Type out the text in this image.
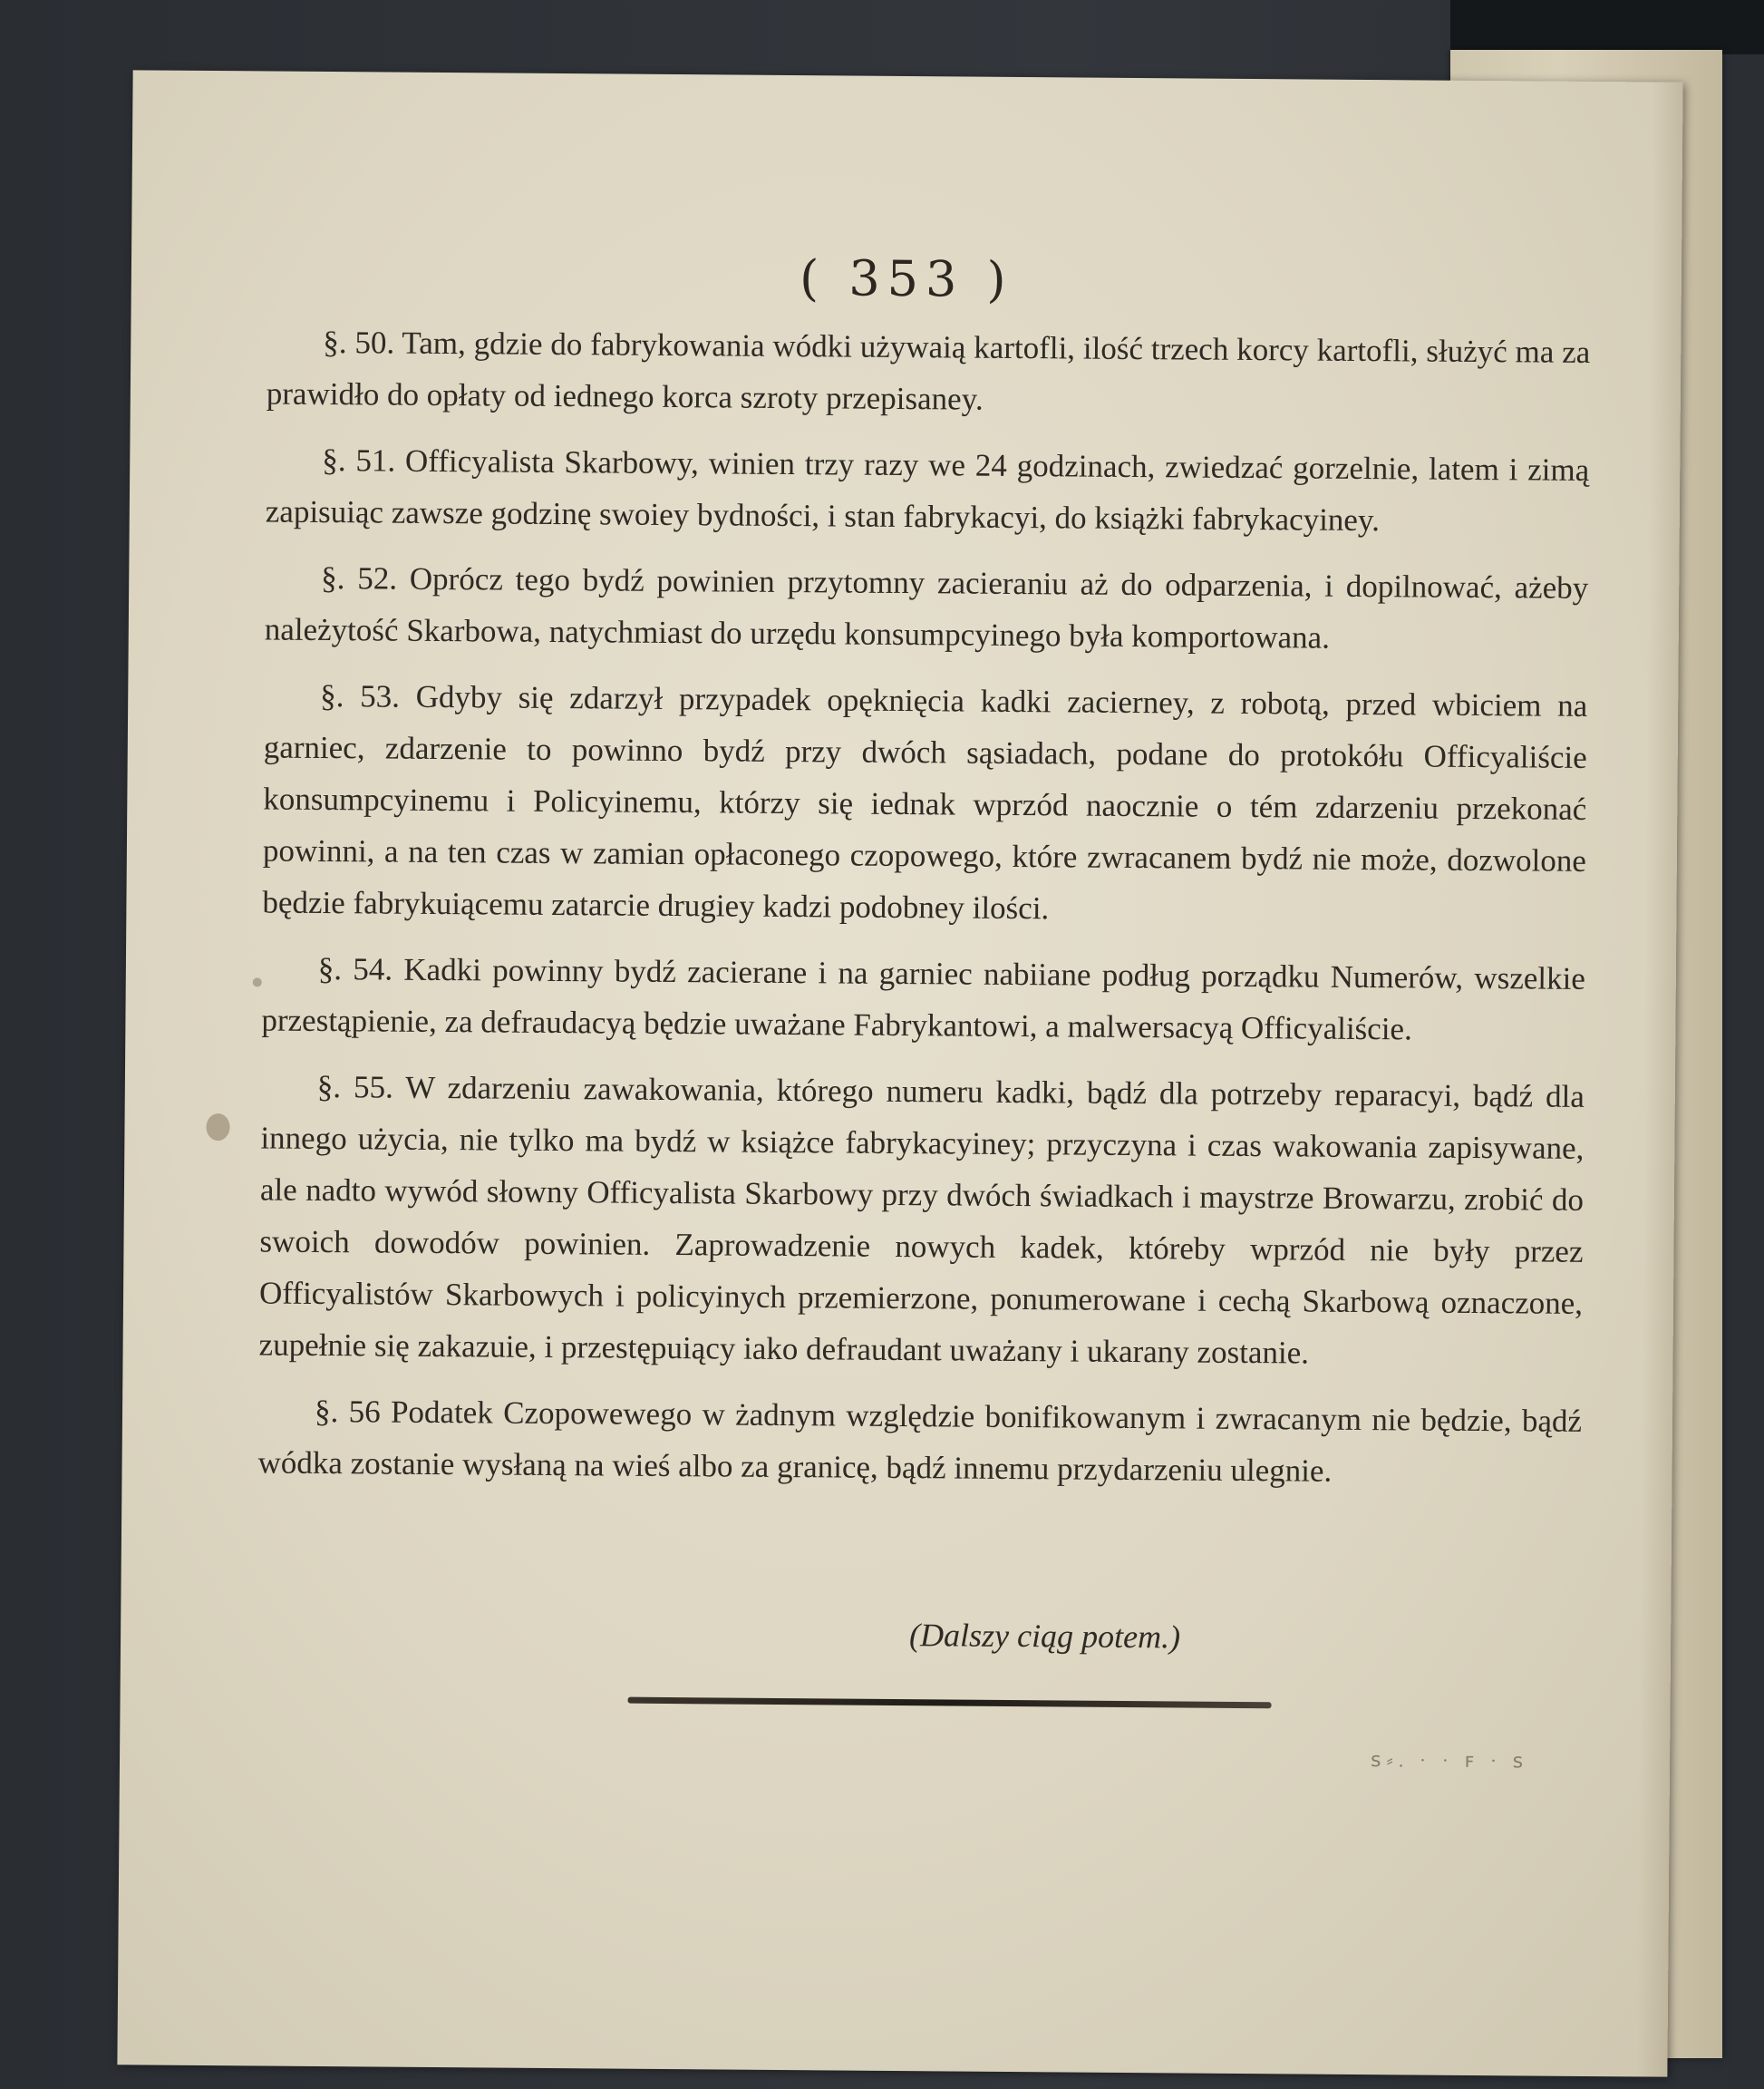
( 353 )

§. 50. Tam, gdzie do fabrykowania wódki używaią kartofli, ilość trzech korcy kartofli, służyć ma za prawidło do opłaty od iednego korca szroty przepisaney.

§. 51. Officyalista Skarbowy, winien trzy razy we 24 godzinach, zwiedzać gorzelnie, latem i zimą zapisuiąc zawsze godzinę swoiey bydności, i stan fabrykacyi, do książki fabrykacyiney.

§. 52. Oprócz tego bydź powinien przytomny zacieraniu aż do odparzenia, i dopilnować, ażeby należytość Skarbowa, natychmiast do urzędu konsumpcyinego była komportowana.

§. 53. Gdyby się zdarzył przypadek opęknięcia kadki zacierney, z robotą, przed wbiciem na garniec, zdarzenie to powinno bydź przy dwóch sąsiadach, podane do protokółu Officyaliście konsumpcyinemu i Policyinemu, którzy się iednak wprzód naocznie o tém zdarzeniu przekonać powinni, a na ten czas w zamian opłaconego czopowego, które zwracanem bydź nie może, dozwolone będzie fabrykuiącemu zatarcie drugiey kadzi podobney ilości.

§. 54. Kadki powinny bydź zacierane i na garniec nabiiane podług porządku Numerów, wszelkie przestąpienie, za defraudacyą będzie uważane Fabrykantowi, a malwersacyą Officyaliście.

§. 55. W zdarzeniu zawakowania, którego numeru kadki, bądź dla potrzeby reparacyi, bądź dla innego użycia, nie tylko ma bydź w książce fabrykacyiney; przyczyna i czas wakowania zapisywane, ale nadto wywód słowny Officyalista Skarbowy przy dwóch świadkach i maystrze Browarzu, zrobić do swoich dowodów powinien. Zaprowadzenie nowych kadek, któreby wprzód nie były przez Officyalistów Skarbowych i policyinych przemierzone, ponumerowane i cechą Skarbową oznaczone, zupełnie się zakazuie, i przestępuiący iako defraudant uważany i ukarany zostanie.

§. 56 Podatek Czopowewego w żadnym względzie bonifikowanym i zwracanym nie będzie, bądź wódka zostanie wysłaną na wieś albo za granicę, bądź innemu przydarzeniu ulegnie.

(Dalszy ciąg potem.)
ꜱ⸗. · · ꜰ · ꜱ
